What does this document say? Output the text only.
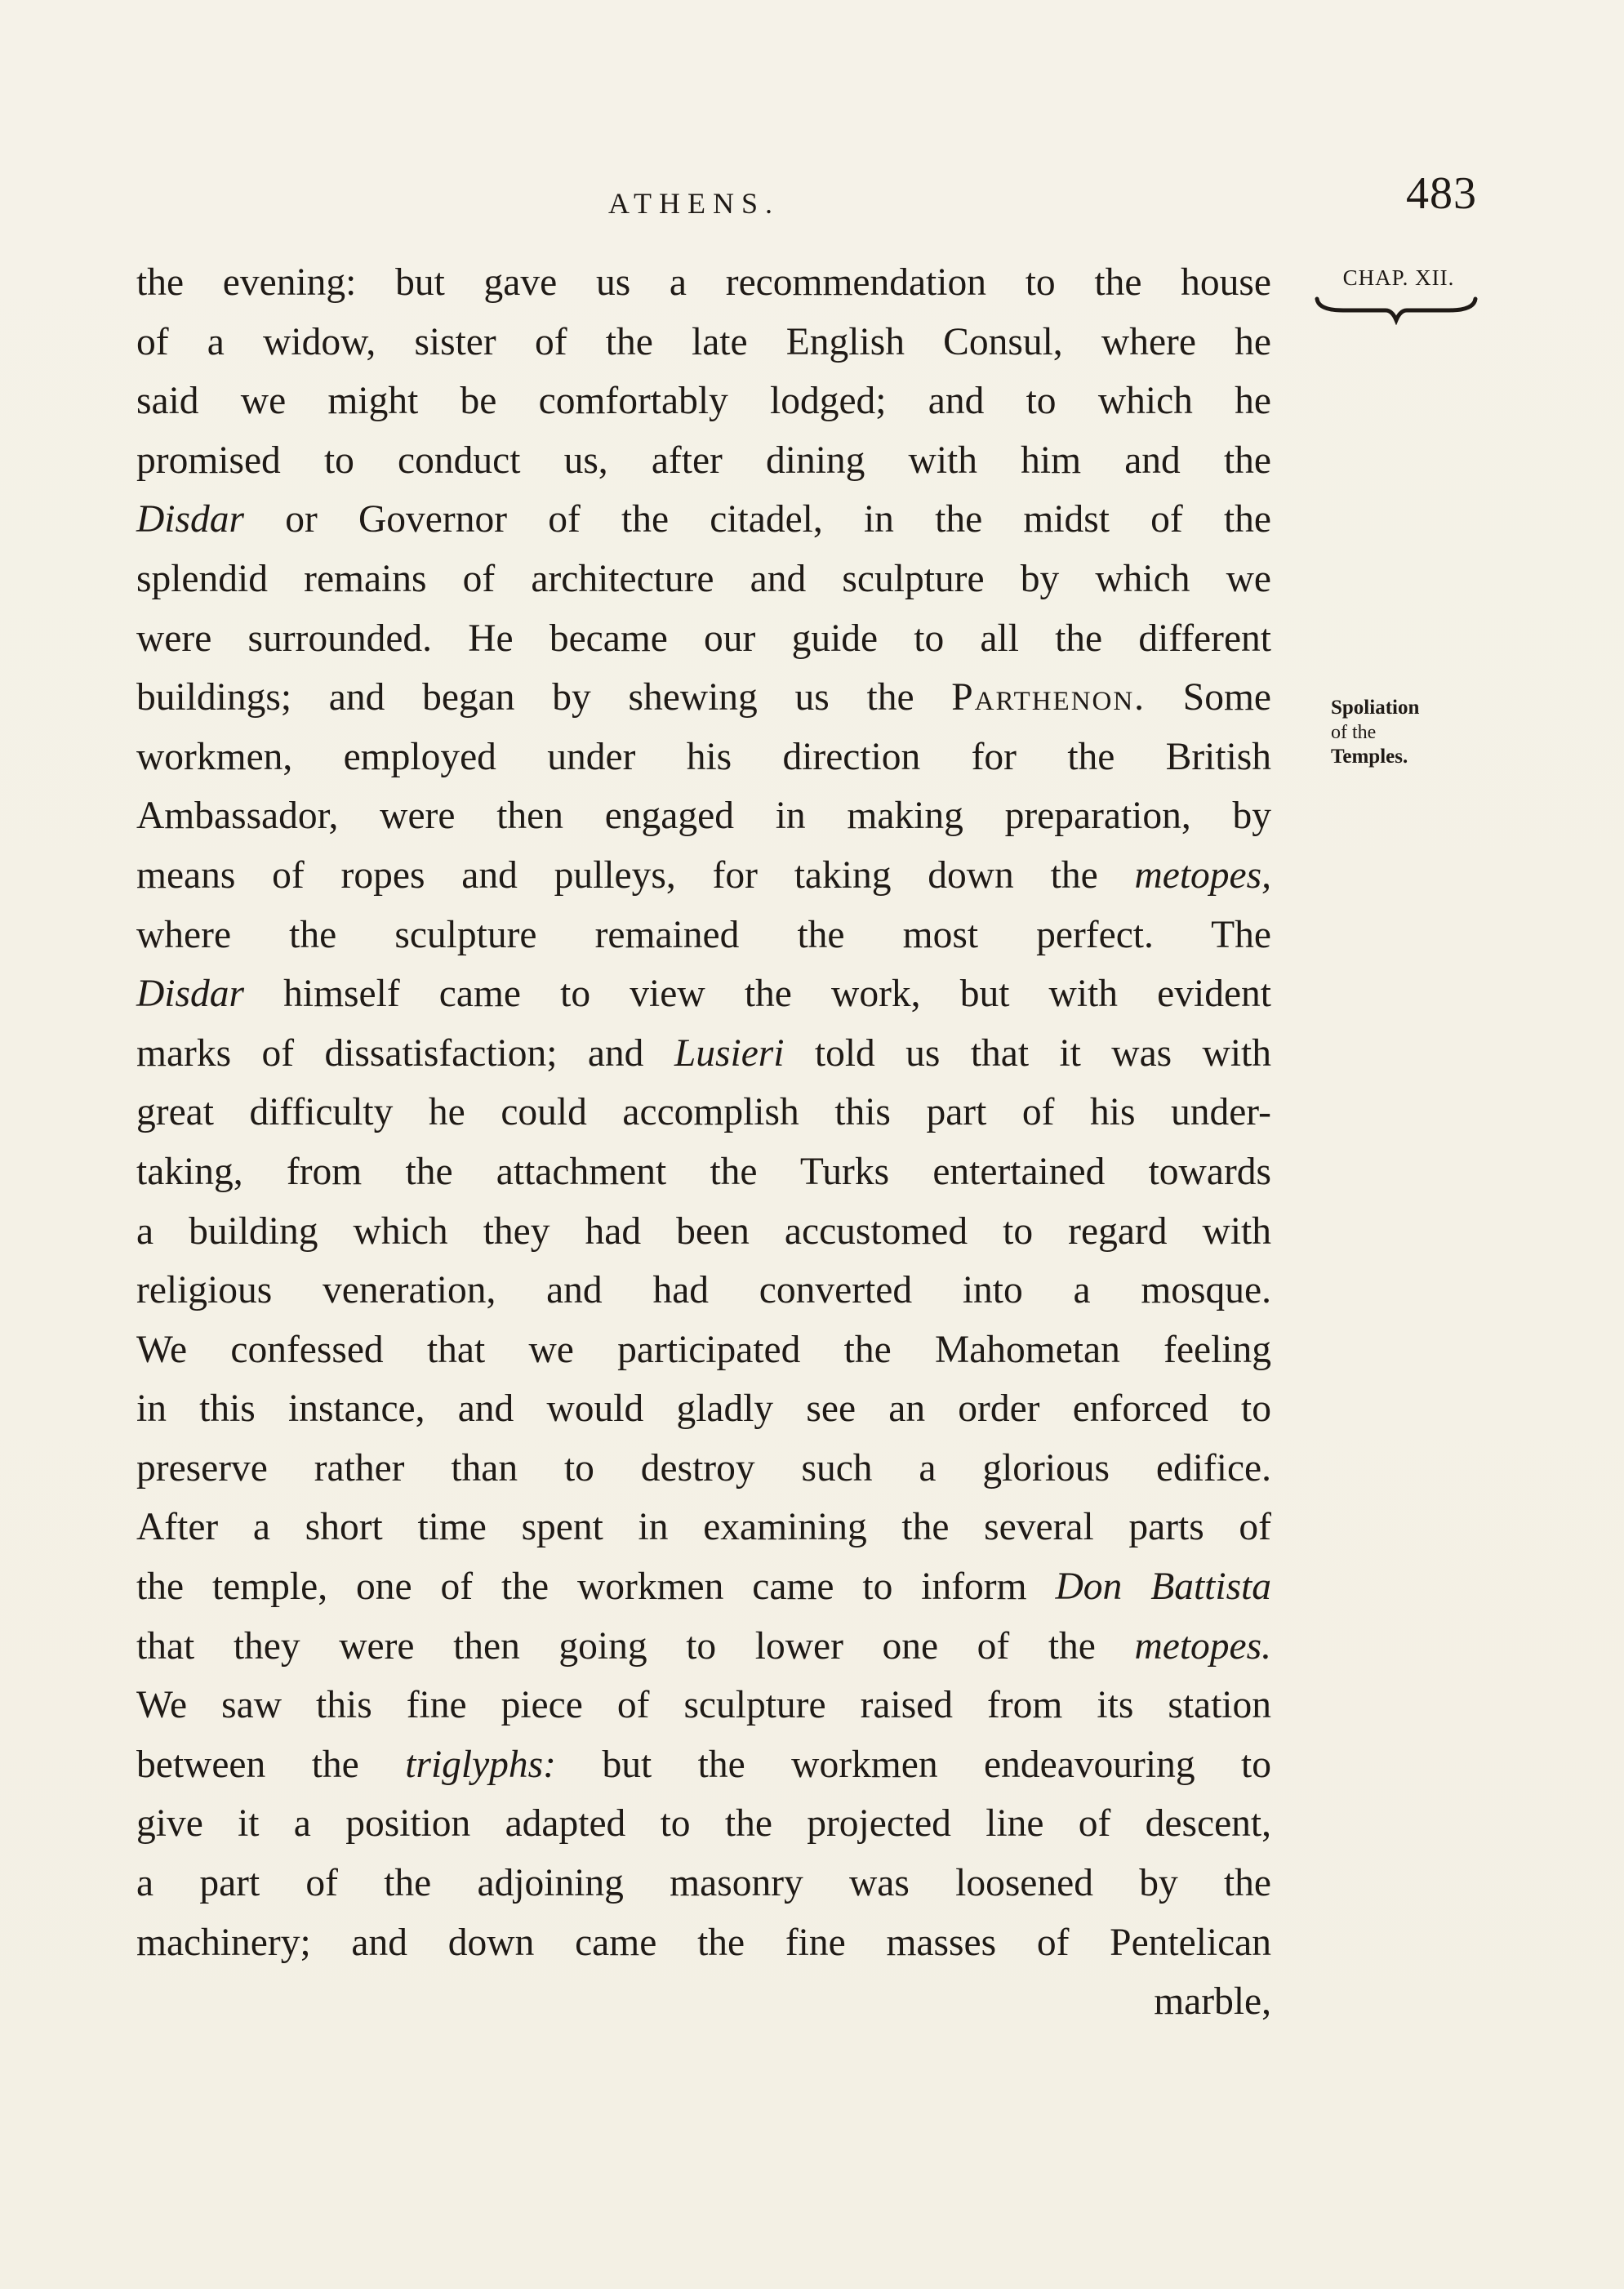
ATHENS.	483
CHAP. XII.
Spoliation
of the
Temples.
the evening: but gave us a recommendation to the house
of a widow, sister of the late English Consul, where he
said we might be comfortably lodged; and to which he
promised to conduct us, after dining with him and the
Disdar or Governor of the citadel, in the midst of the
splendid remains of architecture and sculpture by which we
were surrounded. He became our guide to all the different
buildings; and began by shewing us the Parthenon. Some
workmen, employed under his direction for the British
Ambassador, were then engaged in making preparation, by
means of ropes and pulleys, for taking down the metopes,
where the sculpture remained the most perfect. The
Disdar himself came to view the work, but with evident
marks of dissatisfaction; and Lusieri told us that it was with
great difficulty he could accomplish this part of his under-
taking, from the attachment the Turks entertained towards
a building which they had been accustomed to regard with
religious veneration, and had converted into a mosque.
We confessed that we participated the Mahometan feeling
in this instance, and would gladly see an order enforced to
preserve rather than to destroy such a glorious edifice.
After a short time spent in examining the several parts of
the temple, one of the workmen came to inform Don Battista
that they were then going to lower one of the metopes.
We saw this fine piece of sculpture raised from its station
between the triglyphs: but the workmen endeavouring to
give it a position adapted to the projected line of descent,
a part of the adjoining masonry was loosened by the
machinery; and down came the fine masses of Pentelican
marble,
